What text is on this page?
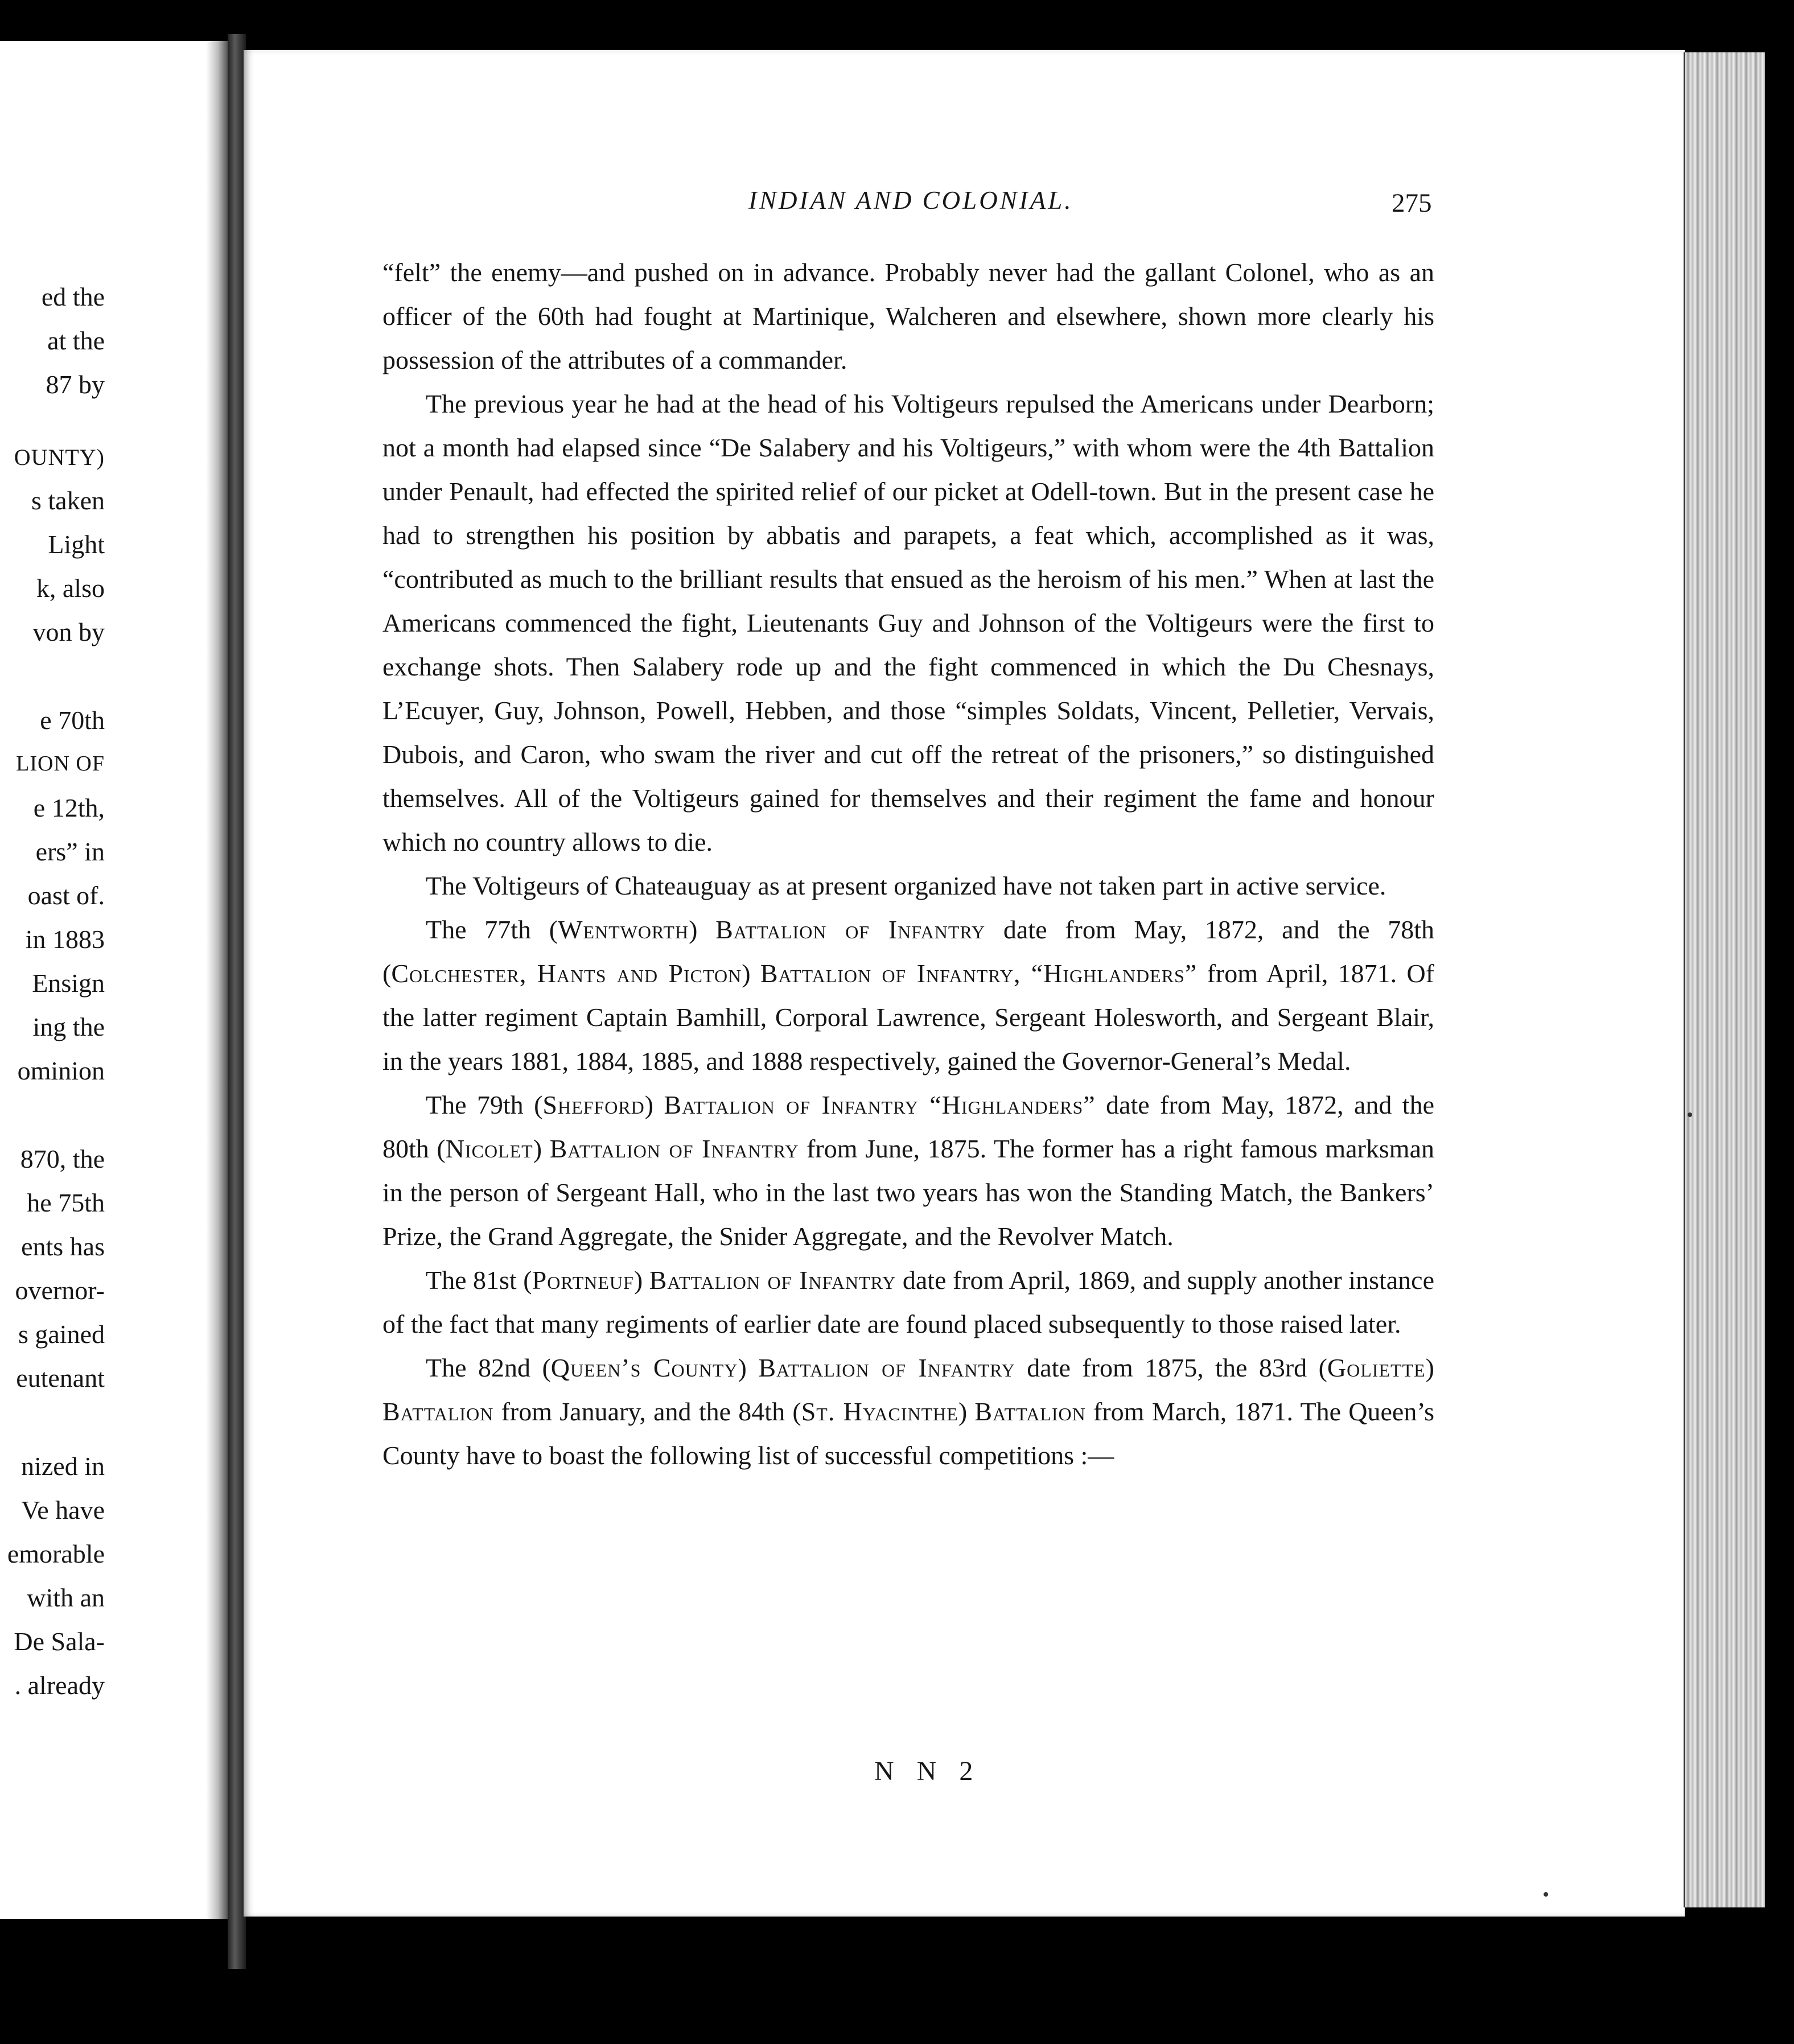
ed the
at the
87 by
OUNTY)
s taken
Light
k, also
von by
e 70th
LION OF
e 12th,
ers” in
oast of.
in 1883
Ensign
ing the
ominion
870, the
he 75th
ents has
overnor-
s gained
eutenant
nized in
Ve have
emorable
with an
De Sala-
. already
INDIAN AND COLONIAL.	275

“felt” the enemy—and pushed on in advance. Probably never had the gallant Colonel, who as an officer of the 60th had fought at Martinique, Walcheren and elsewhere, shown more clearly his possession of the attributes of a commander.

The previous year he had at the head of his Voltigeurs repulsed the Americans under Dearborn; not a month had elapsed since “De Salabery and his Voltigeurs,” with whom were the 4th Battalion under Penault, had effected the spirited relief of our picket at Odell-town. But in the present case he had to strengthen his position by abbatis and parapets, a feat which, accomplished as it was, “contributed as much to the brilliant results that ensued as the heroism of his men.” When at last the Americans commenced the fight, Lieutenants Guy and Johnson of the Voltigeurs were the first to exchange shots. Then Salabery rode up and the fight commenced in which the Du Chesnays, L’Ecuyer, Guy, Johnson, Powell, Hebben, and those “simples Soldats, Vincent, Pelletier, Vervais, Dubois, and Caron, who swam the river and cut off the retreat of the prisoners,” so distinguished themselves. All of the Voltigeurs gained for themselves and their regiment the fame and honour which no country allows to die.

The Voltigeurs of Chateauguay as at present organized have not taken part in active service.

The 77th (Wentworth) Battalion of Infantry date from May, 1872, and the 78th (Colchester, Hants and Picton) Battalion of Infantry, “Highlanders” from April, 1871. Of the latter regiment Captain Bamhill, Corporal Lawrence, Sergeant Holesworth, and Sergeant Blair, in the years 1881, 1884, 1885, and 1888 respectively, gained the Governor-General’s Medal.

The 79th (Shefford) Battalion of Infantry “Highlanders” date from May, 1872, and the 80th (Nicolet) Battalion of Infantry from June, 1875. The former has a right famous marksman in the person of Sergeant Hall, who in the last two years has won the Standing Match, the Bankers’ Prize, the Grand Aggregate, the Snider Aggregate, and the Revolver Match.

The 81st (Portneuf) Battalion of Infantry date from April, 1869, and supply another instance of the fact that many regiments of earlier date are found placed subsequently to those raised later.

The 82nd (Queen’s County) Battalion of Infantry date from 1875, the 83rd (Goliette) Battalion from January, and the 84th (St. Hyacinthe) Battalion from March, 1871. The Queen’s County have to boast the following list of successful competitions :—

N N 2
